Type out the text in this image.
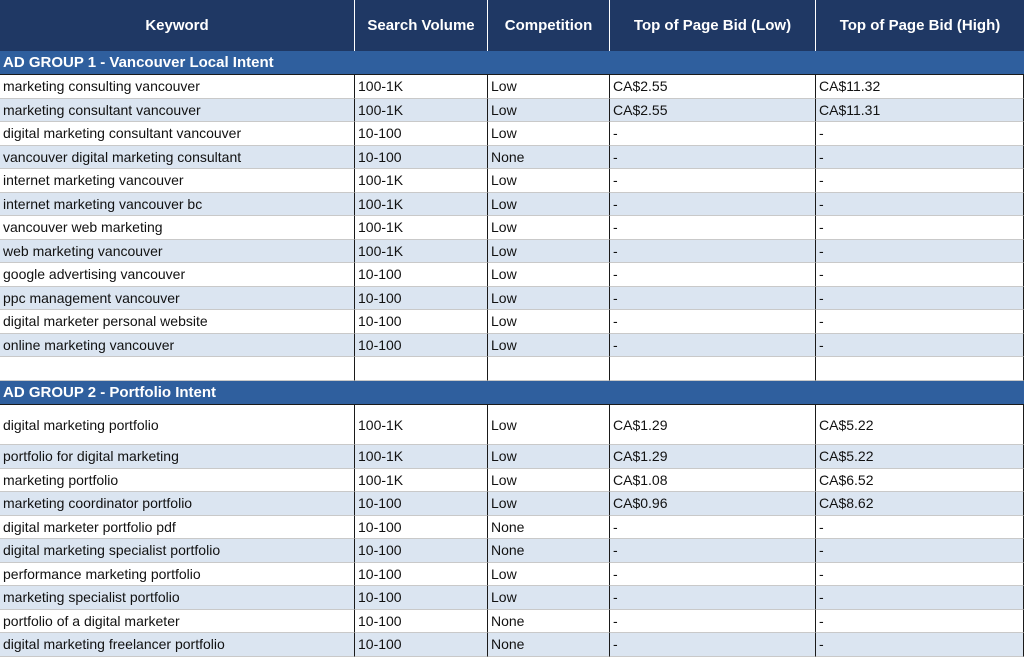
Keyword	Search Volume	Competition	Top of Page Bid (Low)	Top of Page Bid (High)
AD GROUP 1 - Vancouver Local Intent
marketing consulting vancouver	100-1K	Low	CA$2.55	CA$11.32
marketing consultant vancouver	100-1K	Low	CA$2.55	CA$11.31
digital marketing consultant vancouver	10-100	Low	-	-
vancouver digital marketing consultant	10-100	None	-	-
internet marketing vancouver	100-1K	Low	-	-
internet marketing vancouver bc	100-1K	Low	-	-
vancouver web marketing	100-1K	Low	-	-
web marketing vancouver	100-1K	Low	-	-
google advertising vancouver	10-100	Low	-	-
ppc management vancouver	10-100	Low	-	-
digital marketer personal website	10-100	Low	-	-
online marketing vancouver	10-100	Low	-	-
AD GROUP 2 - Portfolio Intent
digital marketing portfolio	100-1K	Low	CA$1.29	CA$5.22
portfolio for digital marketing	100-1K	Low	CA$1.29	CA$5.22
marketing portfolio	100-1K	Low	CA$1.08	CA$6.52
marketing coordinator portfolio	10-100	Low	CA$0.96	CA$8.62
digital marketer portfolio pdf	10-100	None	-	-
digital marketing specialist portfolio	10-100	None	-	-
performance marketing portfolio	10-100	Low	-	-
marketing specialist portfolio	10-100	Low	-	-
portfolio of a digital marketer	10-100	None	-	-
digital marketing freelancer portfolio	10-100	None	-	-
